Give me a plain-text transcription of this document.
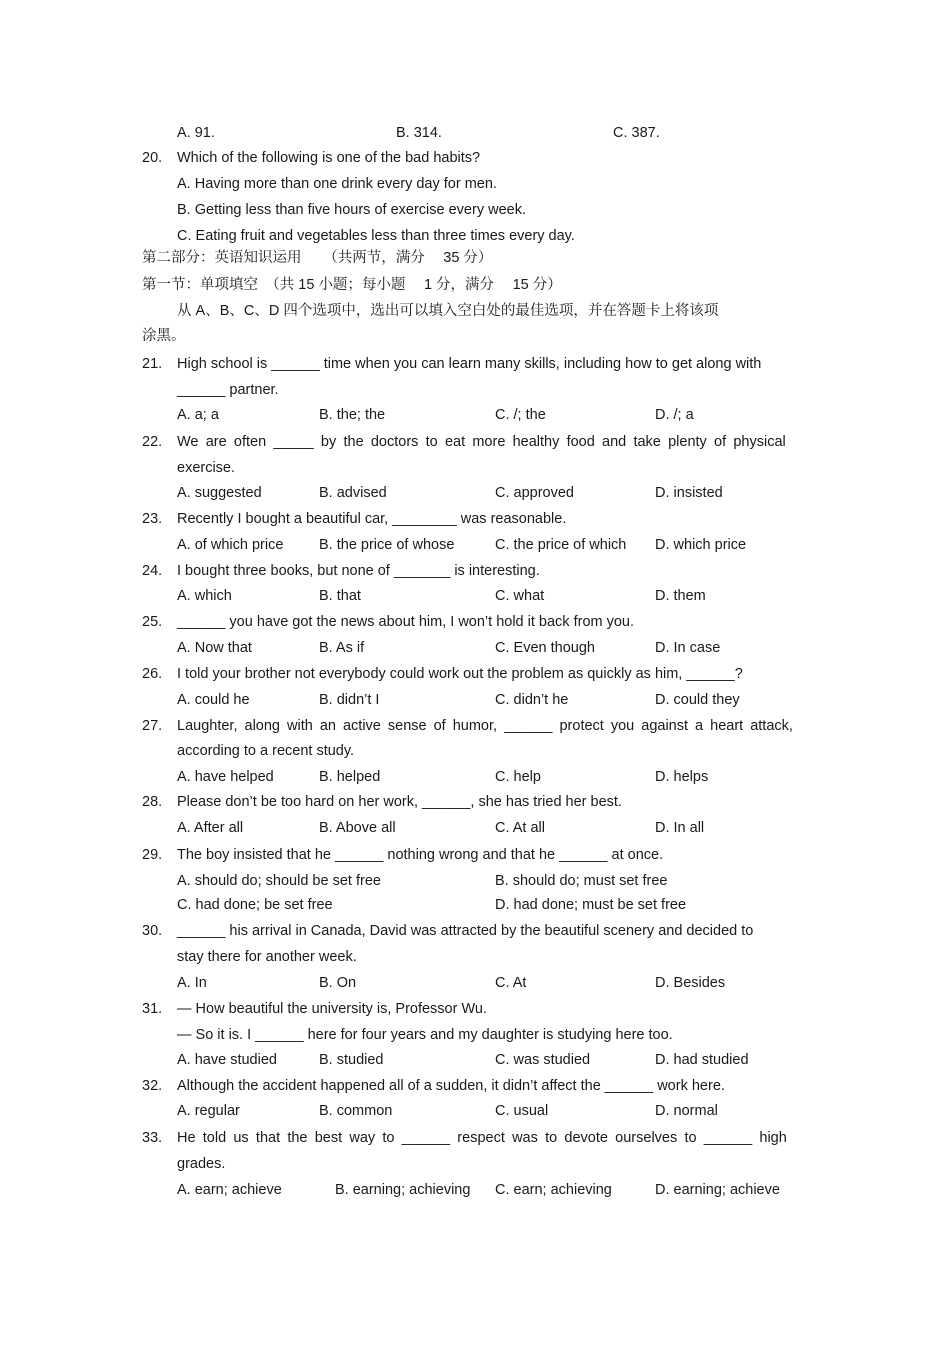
A. 91.	B. 314.	C. 387.
20. Which of the following is one of the bad habits?
A. Having more than one drink every day for men.
B. Getting less than five hours of exercise every week.
C. Eating fruit and vegetables less than three times every day.
第二部分：英语知识运用　　（共两节，满分　 35 分）
第一节：单项填空　（共 15 小题；每小题　 1 分，满分　 15 分）
从 A、B、C、D 四个选项中，选出可以填入空白处的最佳选项，并在答题卡上将该项
涂黑。
21. High school is ______ time when you can learn many skills, including how to get along with
______ partner.
A. a; a	B. the; the	C. /; the	D. /; a
22. We are often _____ by the doctors to eat more healthy food and take plenty of physical
exercise.
A. suggested	B. advised	C. approved	D. insisted
23. Recently I bought a beautiful car, ________ was reasonable.
A. of which price B. the price of whose	C. the price of which D. which price
24. I bought three books, but none of _______ is interesting.
A. which	B. that	C. what	D. them
25. ______ you have got the news about him, I won’t hold it back from you.
A. Now that	B. As if	C. Even though	D. In case
26. I told your brother not everybody could work out the problem as quickly as him, ______?
A. could he	B. didn’t I	C. didn’t he	D. could they
27. Laughter, along with an active sense of humor, ______ protect you against a heart attack,
according to a recent study.
A. have helped	B. helped	C. help	D. helps
28. Please don’t be too hard on her work, ______, she has tried her best.
A. After all	B. Above all	C. At all	D. In all
29. The boy insisted that he ______ nothing wrong and that he ______ at once.
A. should do; should be set free	B. should do; must set free
C. had done; be set free	D. had done; must be set free
30. ______ his arrival in Canada, David was attracted by the beautiful scenery and decided to
stay there for another week.
A. In	B. On	C. At	D. Besides
31. — How beautiful the university is, Professor Wu.
— So it is. I ______ here for four years and my daughter is studying here too.
A. have studied	B. studied	C. was studied	D. had studied
32. Although the accident happened all of a sudden, it didn’t affect the ______ work here.
A. regular	B. common	C. usual	D. normal
33. He told us that the best way to ______ respect was to devote ourselves to ______ high
grades.
A. earn; achieve	B. earning; achieving C. earn; achieving	D. earning; achieve
